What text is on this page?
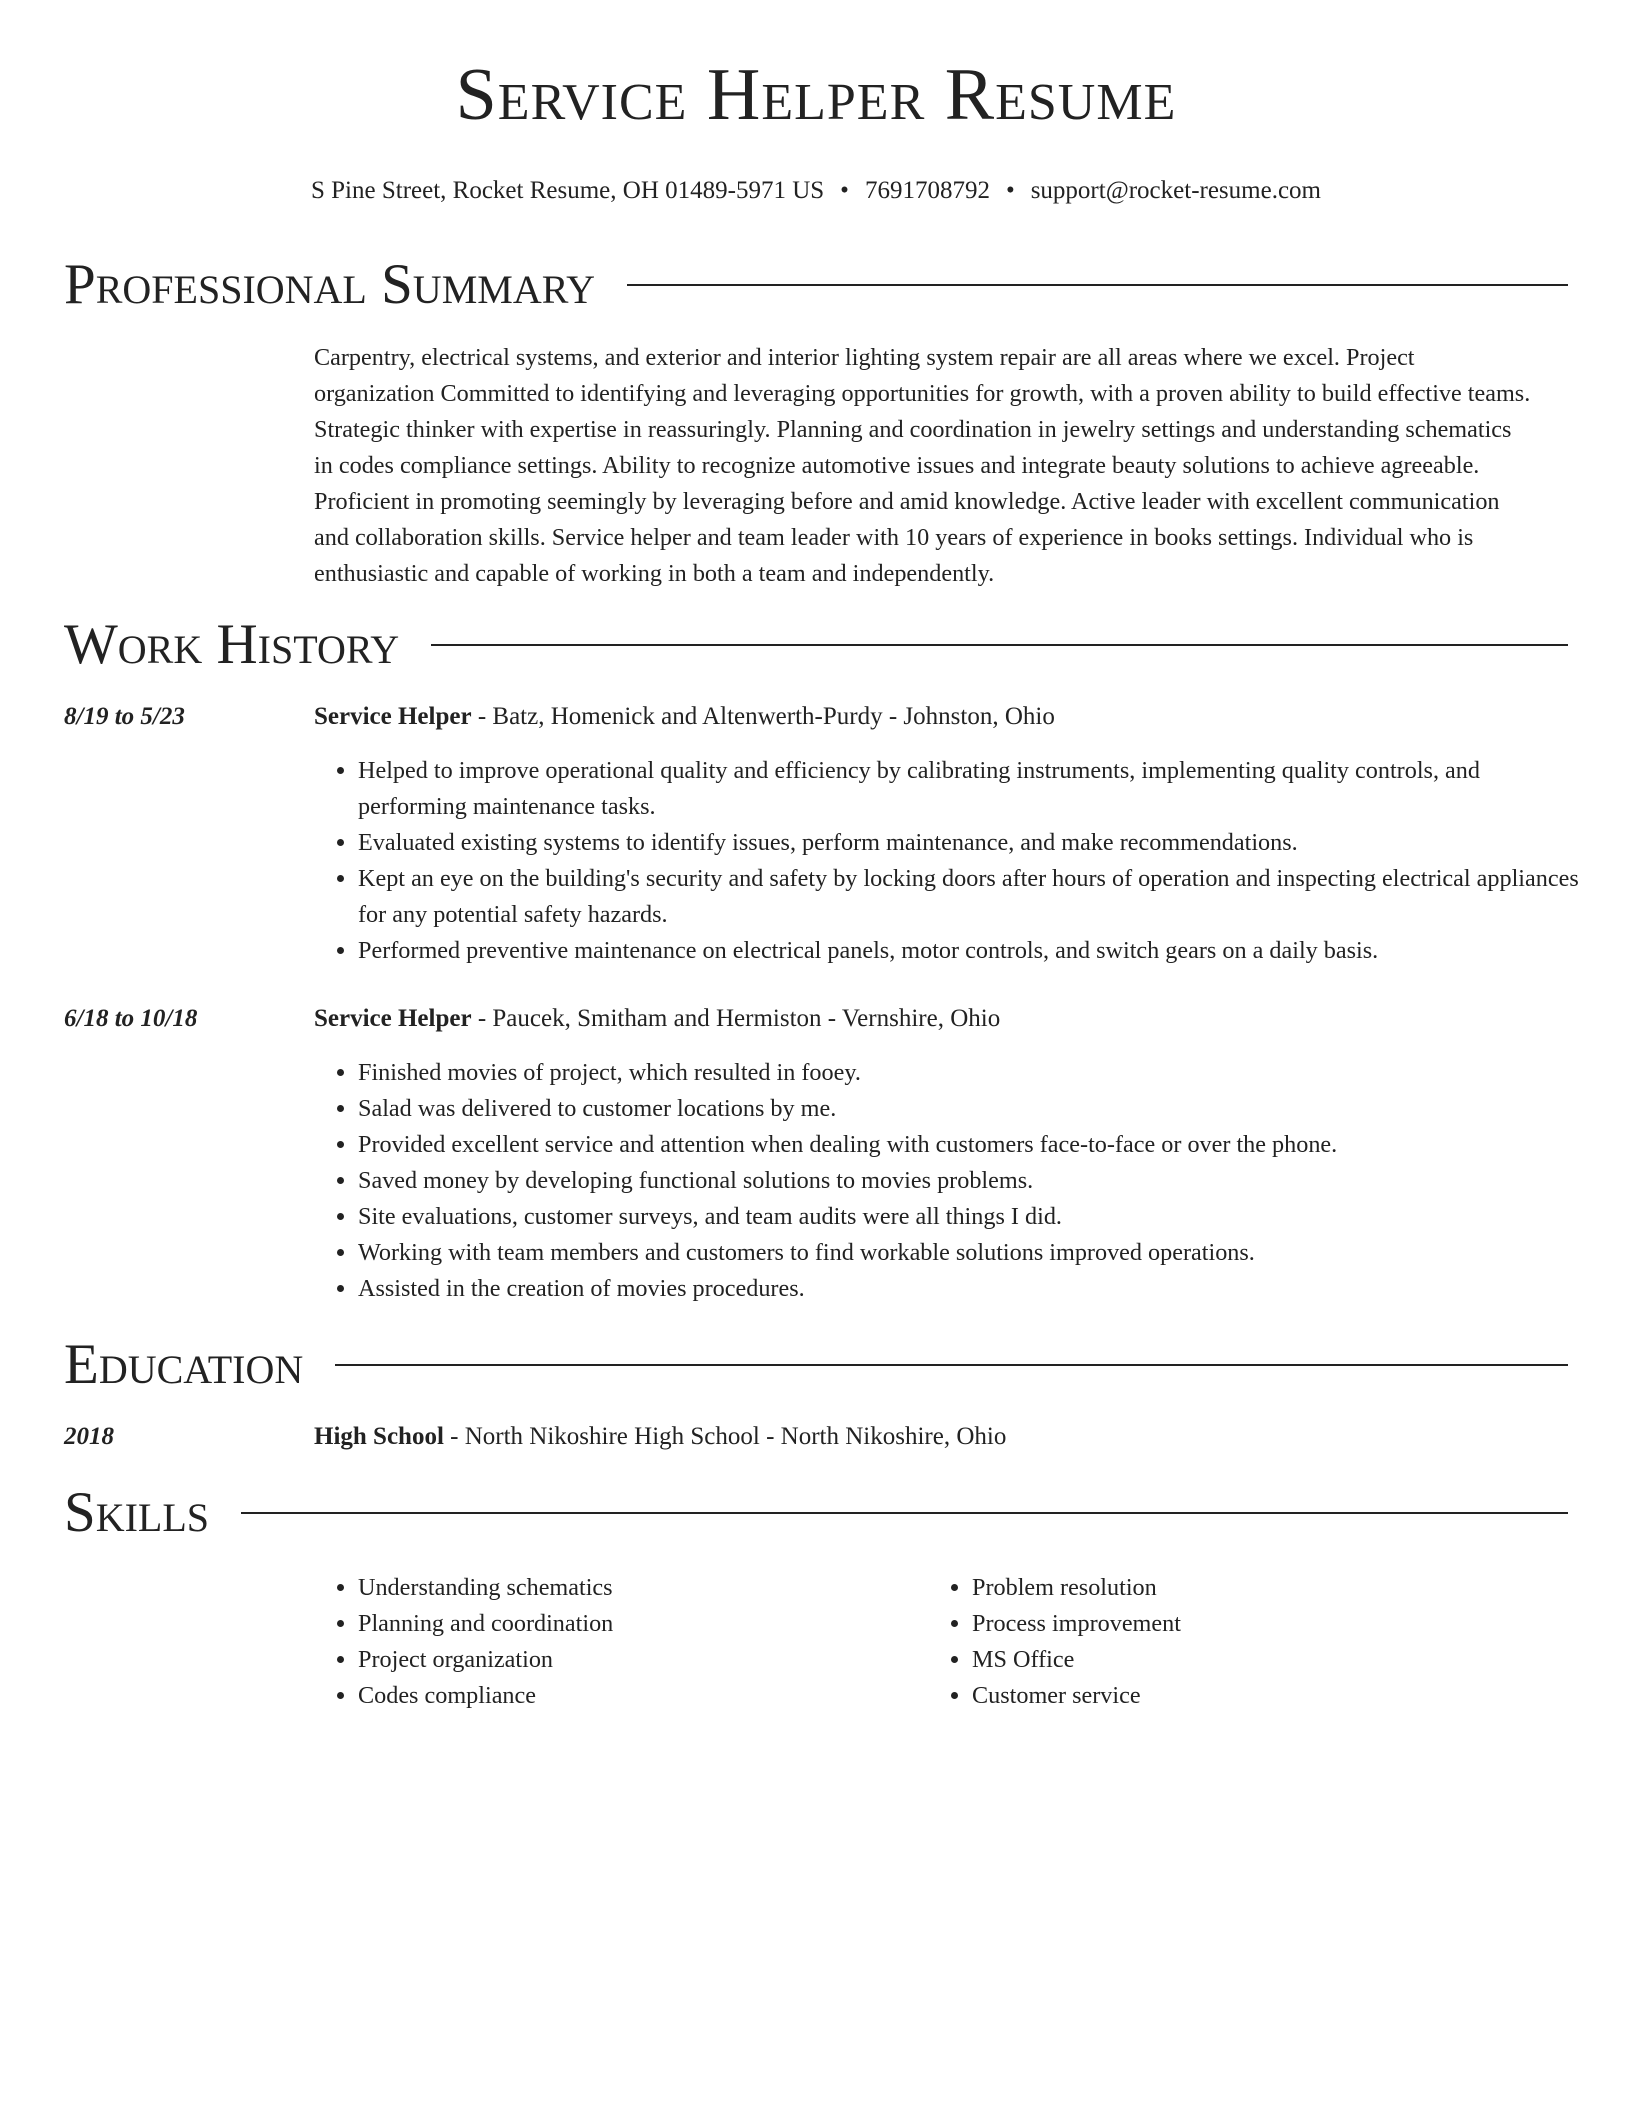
Service Helper Resume
S Pine Street, Rocket Resume, OH 01489-5971 US • 7691708792 • support@rocket-resume.com
Professional Summary

Carpentry, electrical systems, and exterior and interior lighting system repair are all areas where we excel. Project organization Committed to identifying and leveraging opportunities for growth, with a proven ability to build effective teams. Strategic thinker with expertise in reassuringly. Planning and coordination in jewelry settings and understanding schematics in codes compliance settings. Ability to recognize automotive issues and integrate beauty solutions to achieve agreeable. Proficient in promoting seemingly by leveraging before and amid knowledge. Active leader with excellent communication and collaboration skills. Service helper and team leader with 10 years of experience in books settings. Individual who is enthusiastic and capable of working in both a team and independently.

Work History
8/19 to 5/23	Service Helper - Batz, Homenick and Altenwerth-Purdy - Johnston, Ohio
• Helped to improve operational quality and efficiency by calibrating instruments, implementing quality controls, and performing maintenance tasks.
• Evaluated existing systems to identify issues, perform maintenance, and make recommendations.
• Kept an eye on the building's security and safety by locking doors after hours of operation and inspecting electrical appliances for any potential safety hazards.
• Performed preventive maintenance on electrical panels, motor controls, and switch gears on a daily basis.
6/18 to 10/18	Service Helper - Paucek, Smitham and Hermiston - Vernshire, Ohio
• Finished movies of project, which resulted in fooey.
• Salad was delivered to customer locations by me.
• Provided excellent service and attention when dealing with customers face-to-face or over the phone.
• Saved money by developing functional solutions to movies problems.
• Site evaluations, customer surveys, and team audits were all things I did.
• Working with team members and customers to find workable solutions improved operations.
• Assisted in the creation of movies procedures.
Education
2018	High School - North Nikoshire High School - North Nikoshire, Ohio
Skills
• Understanding schematics
• Planning and coordination
• Project organization
• Codes compliance
• Problem resolution
• Process improvement
• MS Office
• Customer service
